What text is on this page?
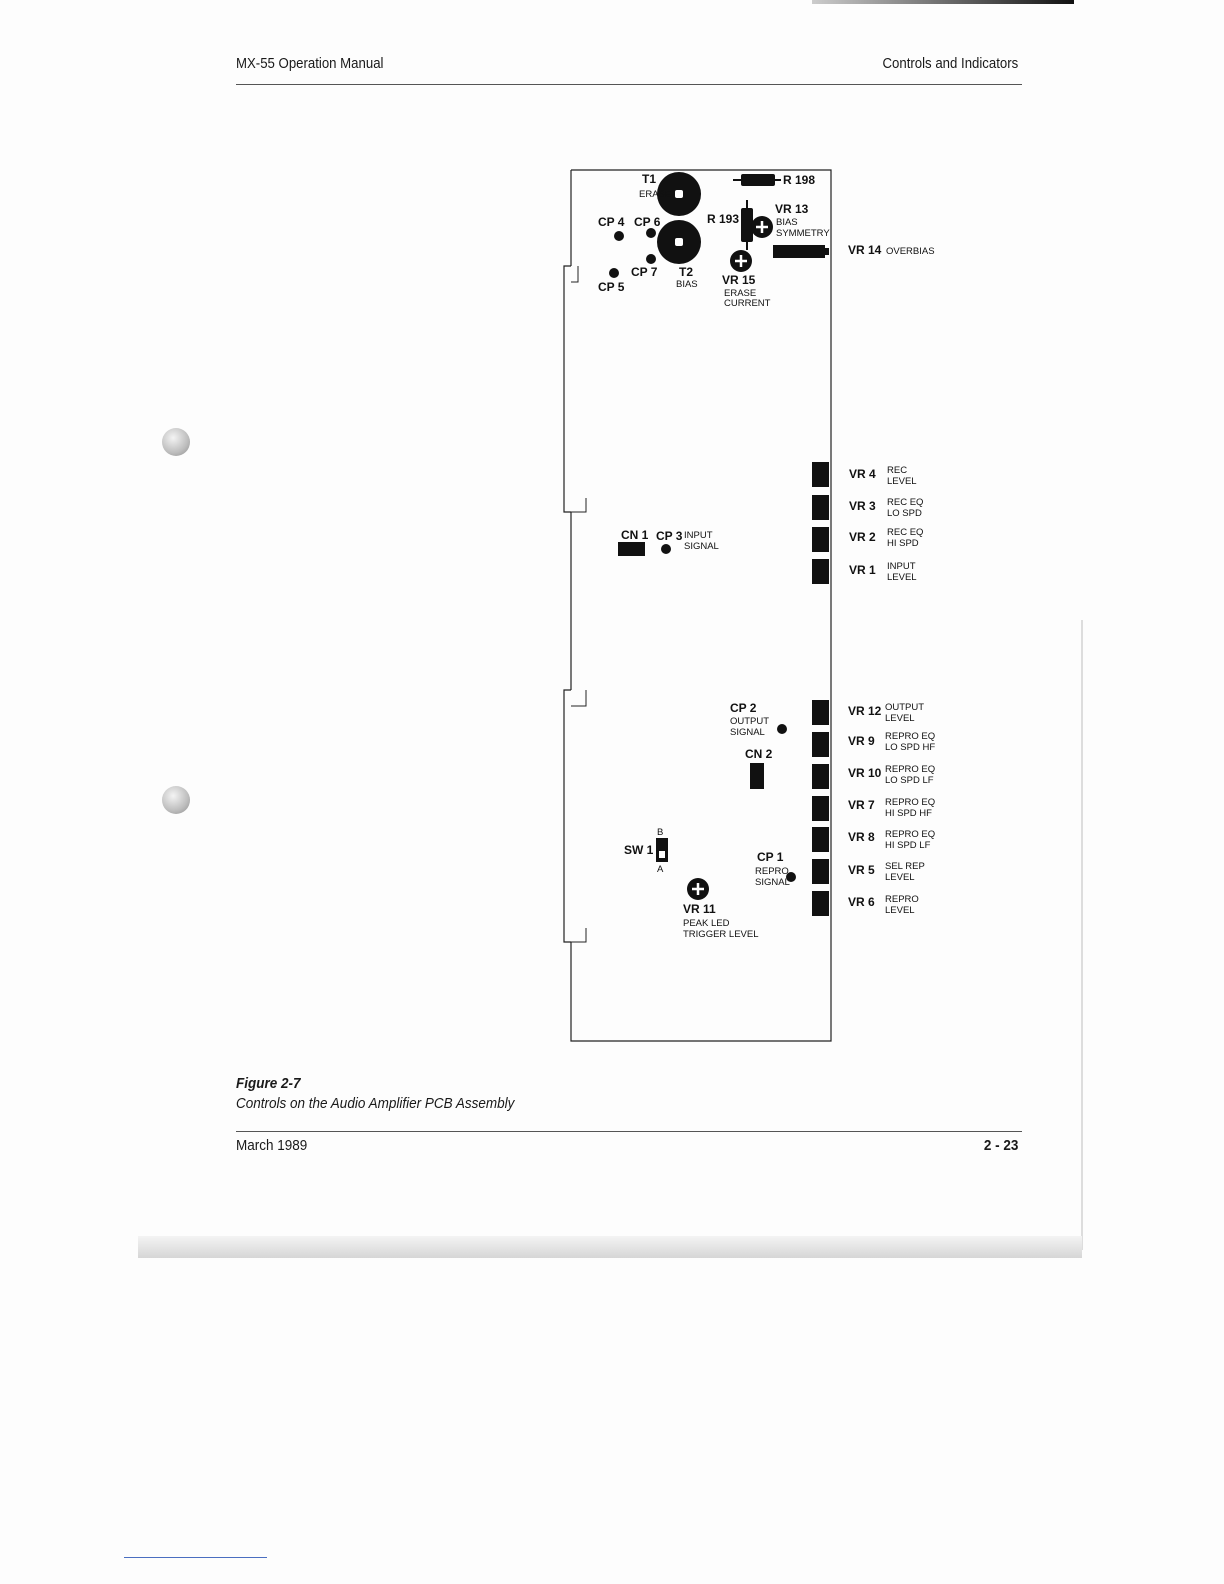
MX-55 Operation Manual	Controls and Indicators
T1
CP 4 CP 6
CP 7 T2
CP 5
R 198
R 193
VR 13
VR 14
VR 15
VR 4
VR 3
VR 2
VR 1
CN 1 CP 3
CP 2
CN 2
VR 12
VR 9
VR 10
VR 7
VR 8
VR 5
VR 6
SW 1	CP 1
VR 11
ERASE
BIAS
BIAS
SYMMETRY
OVERBIAS
ERASE
CURRENT
REC
LEVEL
REC EQ
LO SPD
REC EQ
HI SPD
INPUT
LEVEL
INPUT
SIGNAL
OUTPUT
SIGNAL
OUTPUT
LEVEL
REPRO EQ
LO SPD HF
REPRO EQ
LO SPD LF
REPRO EQ
HI SPD HF
REPRO EQ
HI SPD LF
SEL REP
LEVEL
REPRO
LEVEL
B
A	REPRO
SIGNAL
PEAK LED
TRIGGER LEVEL
Figure 2-7
Controls on the Audio Amplifier PCB Assembly
March 1989	2 - 23
